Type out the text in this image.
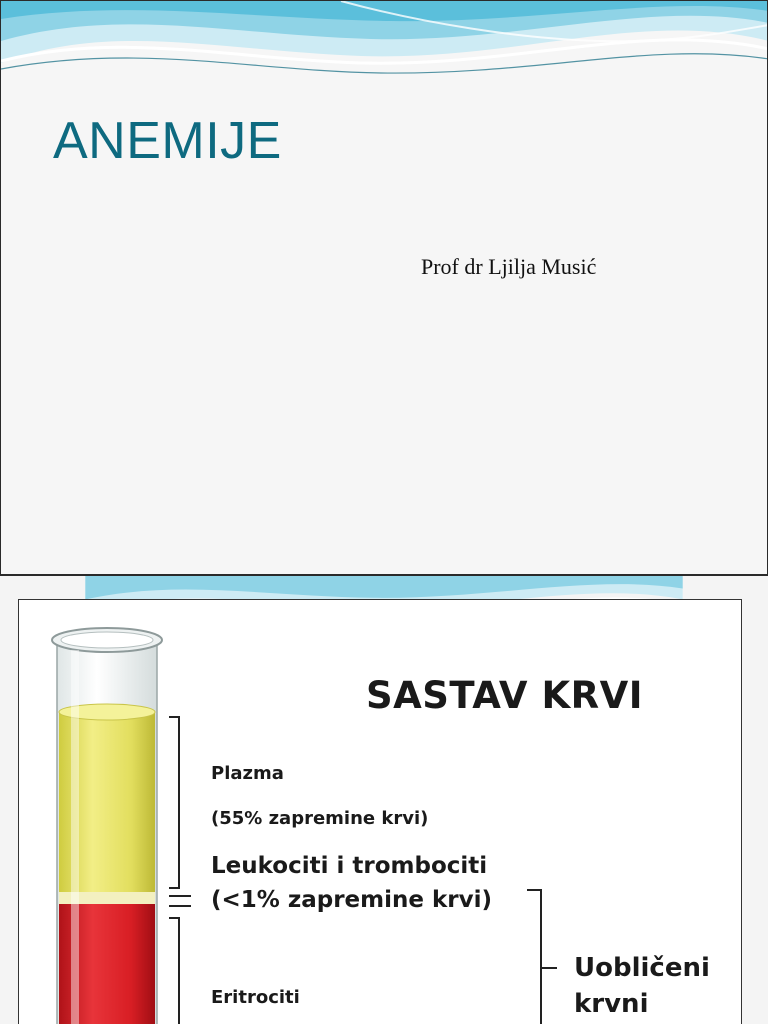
ANEMIJE
Prof dr Ljilja Musić
SASTAV KRVI
Plazma
(55% zapremine krvi)
Leukociti i trombociti
(<1% zapremine krvi)
Eritrociti
Uobličeni
krvni
